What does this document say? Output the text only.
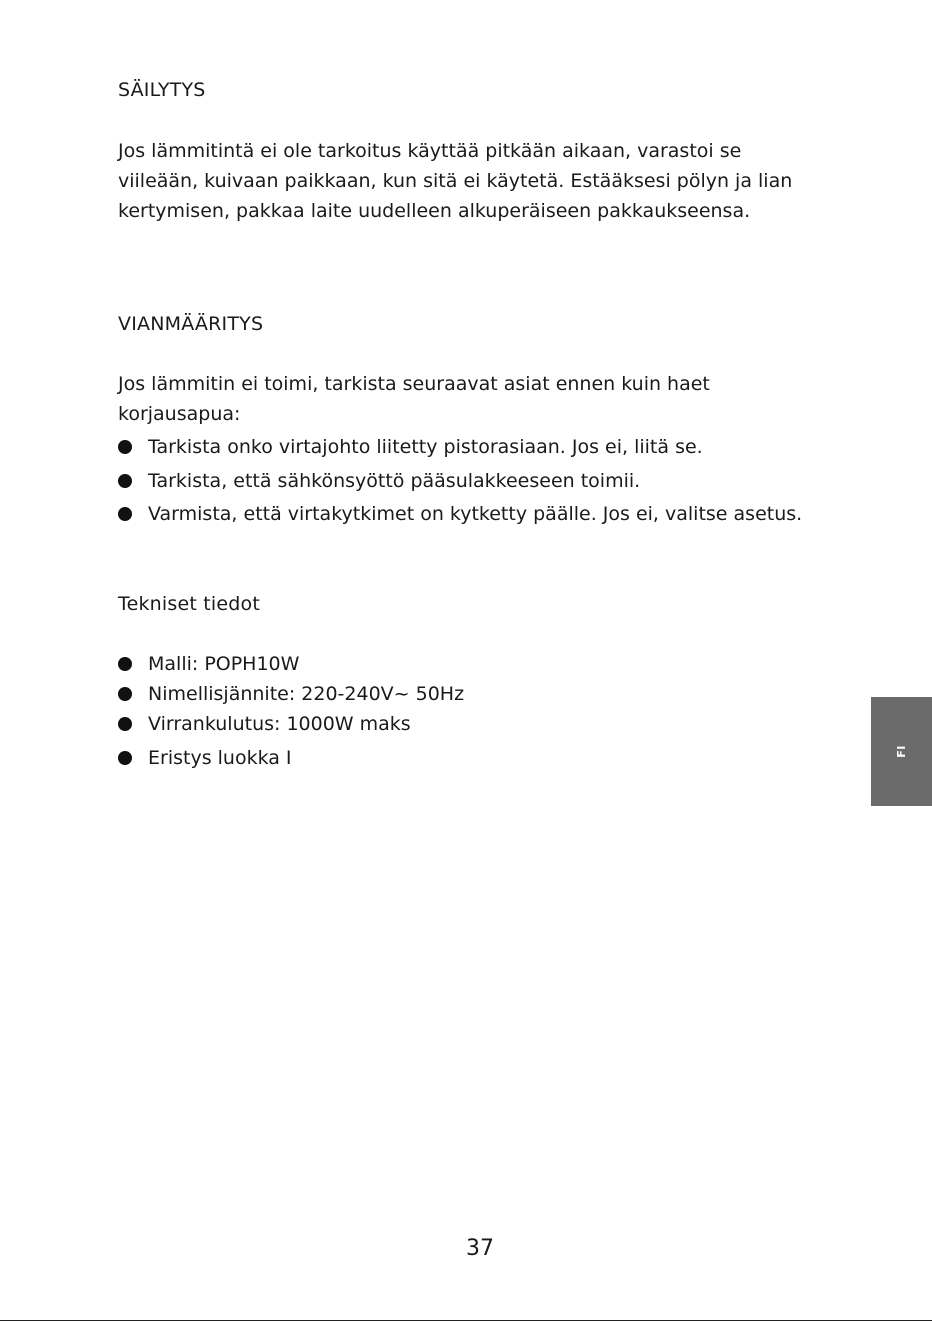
SÄILYTYS
Jos lämmitintä ei ole tarkoitus käyttää pitkään aikaan, varastoi se
viileään, kuivaan paikkaan, kun sitä ei käytetä. Estääksesi pölyn ja lian
kertymisen, pakkaa laite uudelleen alkuperäiseen pakkaukseensa.
VIANMÄÄRITYS
Jos lämmitin ei toimi, tarkista seuraavat asiat ennen kuin haet
korjausapua:
Tarkista onko virtajohto liitetty pistorasiaan. Jos ei, liitä se.
Tarkista, että sähkönsyöttö pääsulakkeeseen toimii.
Varmista, että virtakytkimet on kytketty päälle. Jos ei, valitse asetus.
Tekniset tiedot
Malli: POPH10W
Nimellisjännite: 220-240V~ 50Hz
Virrankulutus: 1000W maks
Eristys luokka I	FI
37
